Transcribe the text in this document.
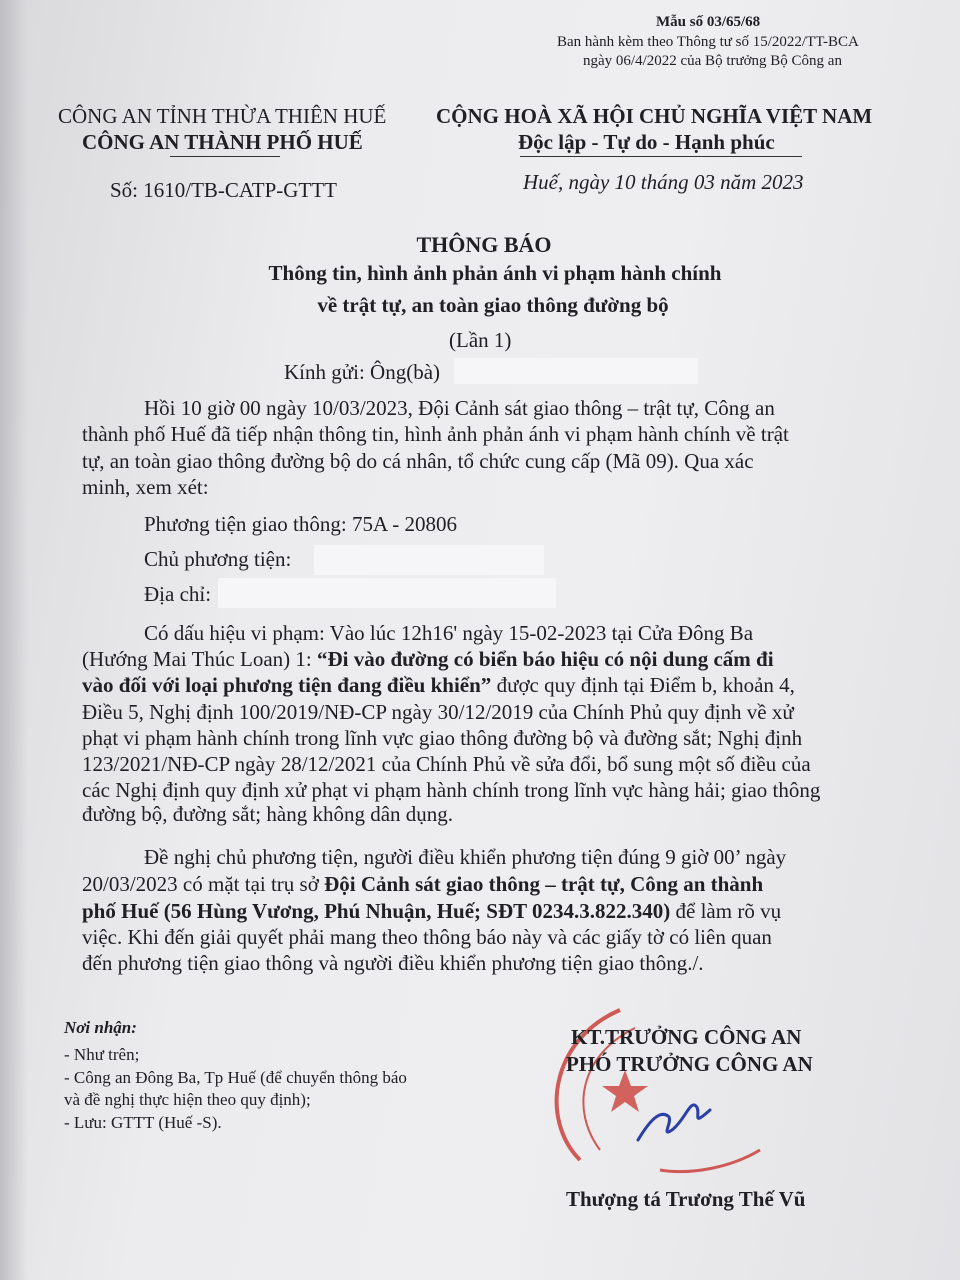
Mẫu số 03/65/68
Ban hành kèm theo Thông tư số 15/2022/TT-BCA
ngày 06/4/2022 của Bộ trưởng Bộ Công an
CÔNG AN TỈNH THỪA THIÊN HUẾ
CÔNG AN THÀNH PHỐ HUẾ
Số: 1610/TB-CATP-GTTT
CỘNG HOÀ XÃ HỘI CHỦ NGHĨA VIỆT NAM
Độc lập - Tự do - Hạnh phúc
Huế, ngày 10 tháng 03 năm 2023
THÔNG BÁO
Thông tin, hình ảnh phản ánh vi phạm hành chính
về trật tự, an toàn giao thông đường bộ
(Lần 1)
Kính gửi: Ông(bà)
Hồi 10 giờ 00 ngày 10/03/2023, Đội Cảnh sát giao thông – trật tự, Công an
thành phố Huế đã tiếp nhận thông tin, hình ảnh phản ánh vi phạm hành chính về trật
tự, an toàn giao thông đường bộ do cá nhân, tổ chức cung cấp (Mã 09). Qua xác
minh, xem xét:
Phương tiện giao thông: 75A - 20806
Chủ phương tiện:
Địa chỉ:
Có dấu hiệu vi phạm: Vào lúc 12h16' ngày 15-02-2023 tại Cửa Đông Ba
(Hướng Mai Thúc Loan) 1: “Đi vào đường có biển báo hiệu có nội dung cấm đi
vào đối với loại phương tiện đang điều khiển” được quy định tại Điểm b, khoản 4,
Điều 5, Nghị định 100/2019/NĐ-CP ngày 30/12/2019 của Chính Phủ quy định về xử
phạt vi phạm hành chính trong lĩnh vực giao thông đường bộ và đường sắt; Nghị định
123/2021/NĐ-CP ngày 28/12/2021 của Chính Phủ về sửa đổi, bổ sung một số điều của
các Nghị định quy định xử phạt vi phạm hành chính trong lĩnh vực hàng hải; giao thông
đường bộ, đường sắt; hàng không dân dụng.
Đề nghị chủ phương tiện, người điều khiển phương tiện đúng 9 giờ 00’ ngày
20/03/2023 có mặt tại trụ sở Đội Cảnh sát giao thông – trật tự, Công an thành
phố Huế (56 Hùng Vương, Phú Nhuận, Huế; SĐT 0234.3.822.340) để làm rõ vụ
việc. Khi đến giải quyết phải mang theo thông báo này và các giấy tờ có liên quan
đến phương tiện giao thông và người điều khiển phương tiện giao thông./.
Nơi nhận:
- Như trên;
- Công an Đông Ba, Tp Huế (để chuyển thông báo
và đề nghị thực hiện theo quy định);
- Lưu: GTTT (Huế -S).
KT.TRƯỞNG CÔNG AN
PHÓ TRƯỞNG CÔNG AN
Thượng tá Trương Thế Vũ
